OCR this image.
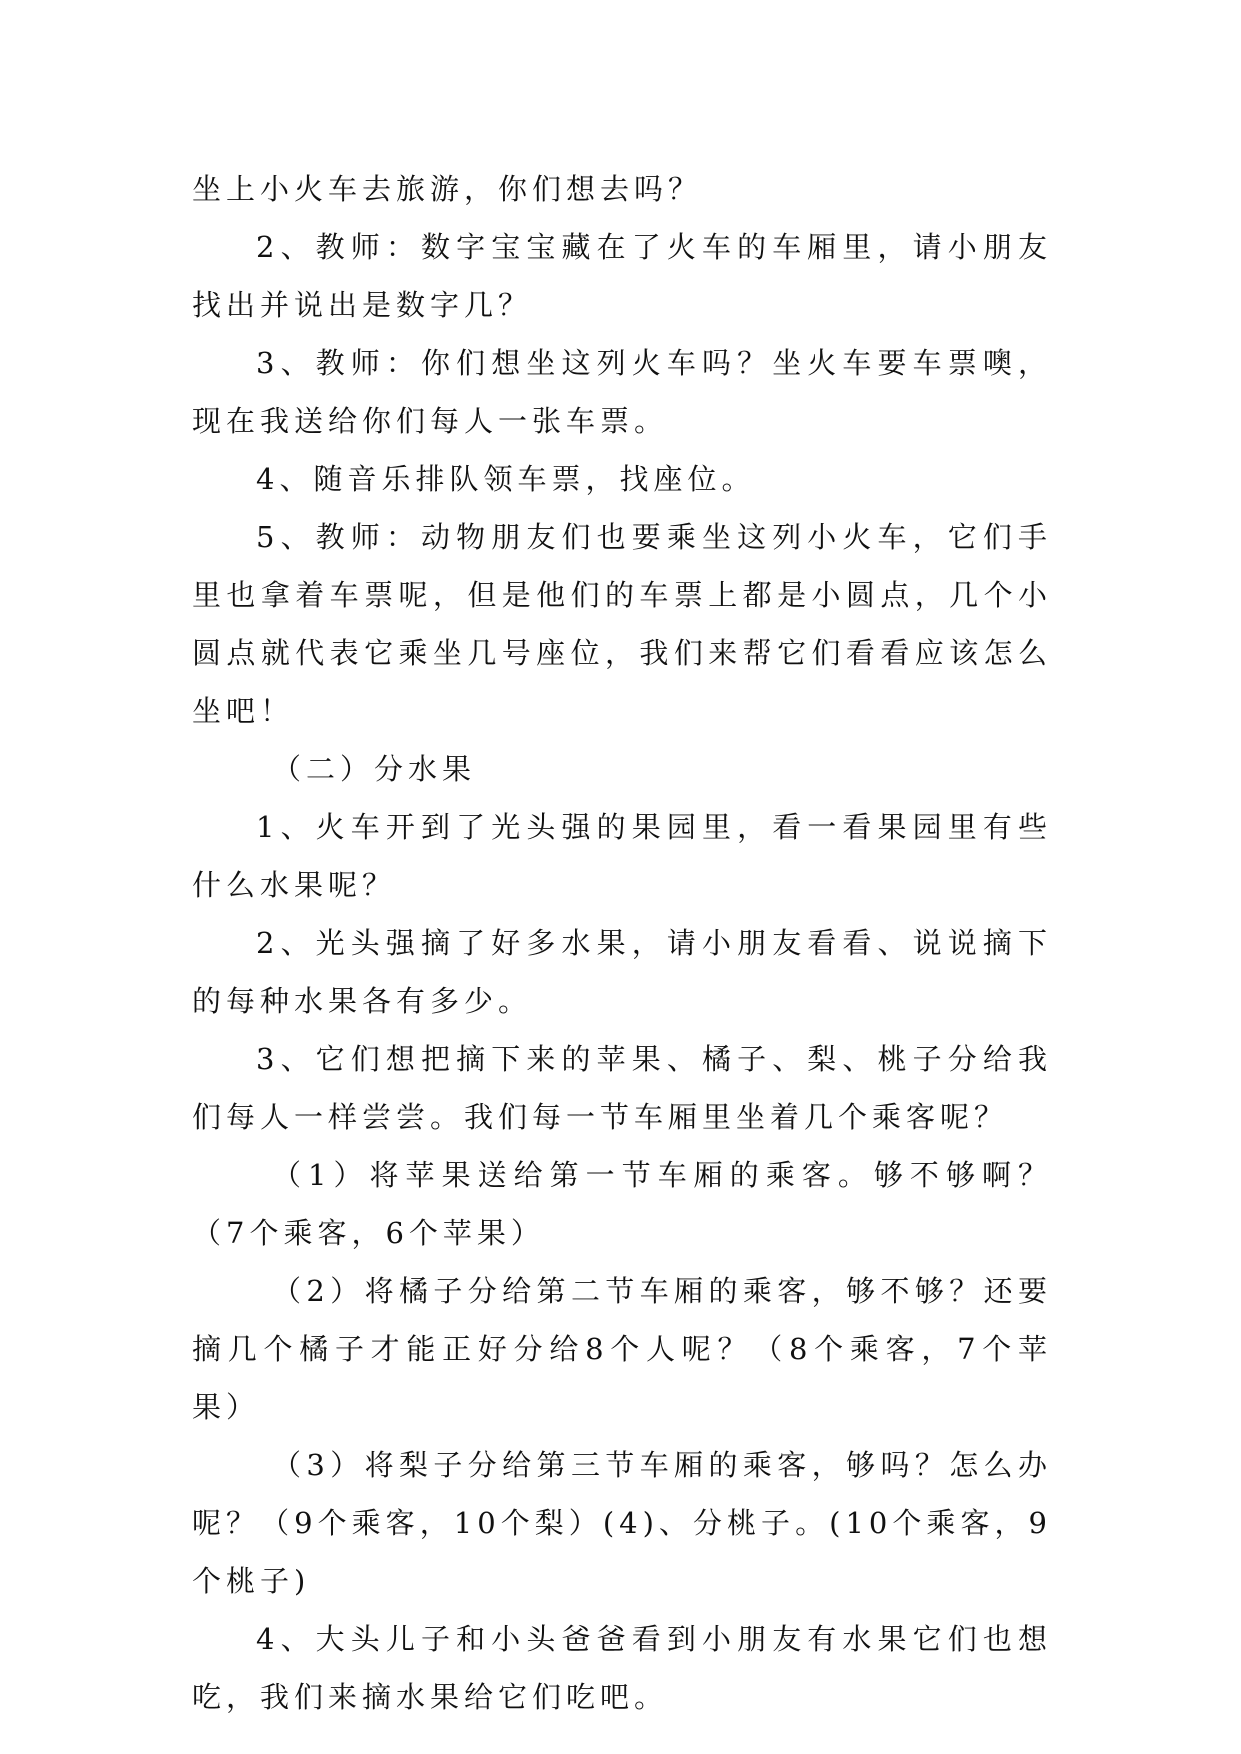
坐上小火车去旅游，你们想去吗？

2、教师：数字宝宝藏在了火车的车厢里，请小朋友找出并说出是数字几？

3、教师：你们想坐这列火车吗？坐火车要车票噢，现在我送给你们每人一张车票。

4、随音乐排队领车票，找座位。

5、教师：动物朋友们也要乘坐这列小火车，它们手里也拿着车票呢，但是他们的车票上都是小圆点，几个小圆点就代表它乘坐几号座位，我们来帮它们看看应该怎么坐吧！

（二）分水果

1、火车开到了光头强的果园里，看一看果园里有些什么水果呢？

2、光头强摘了好多水果，请小朋友看看、说说摘下的每种水果各有多少。

3、它们想把摘下来的苹果、橘子、梨、桃子分给我们每人一样尝尝。我们每一节车厢里坐着几个乘客呢？

（1）将苹果送给第一节车厢的乘客。够不够啊？（7个乘客，6个苹果）

（2）将橘子分给第二节车厢的乘客，够不够？还要摘几个橘子才能正好分给8个人呢？（8个乘客，7个苹果）

（3）将梨子分给第三节车厢的乘客，够吗？怎么办呢？（9个乘客，10个梨）(4)、分桃子。(10个乘客，9个桃子)

4、大头儿子和小头爸爸看到小朋友有水果它们也想吃，我们来摘水果给它们吃吧。
